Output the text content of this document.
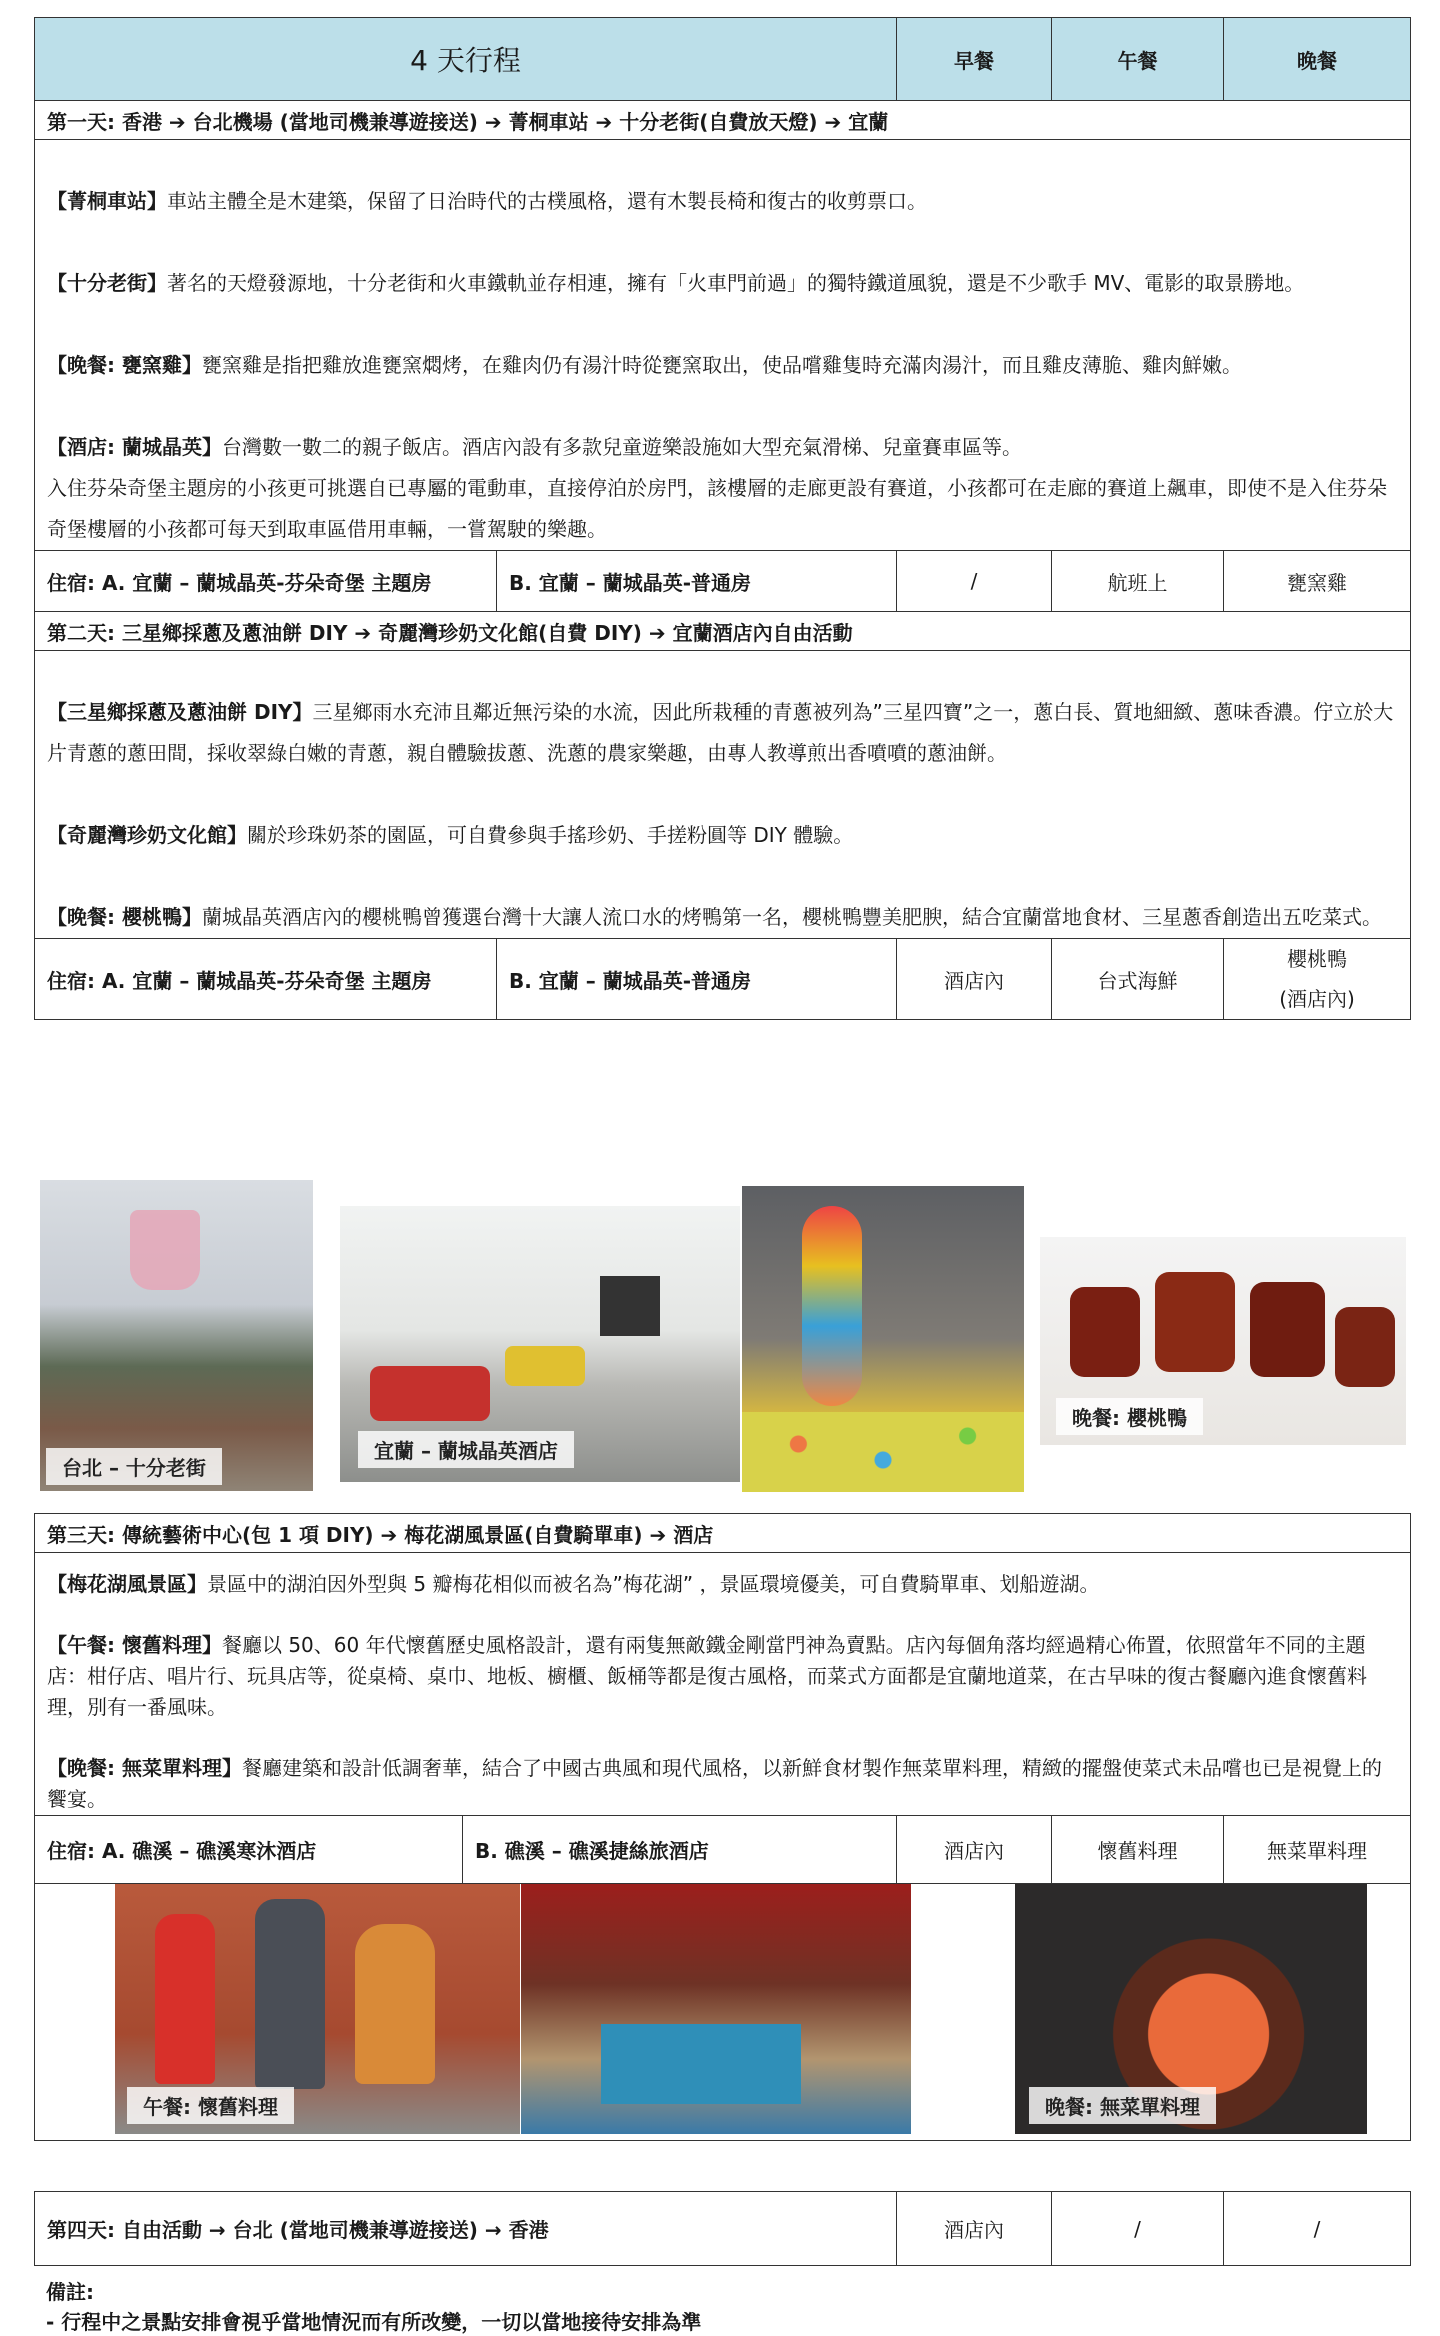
4 天行程		早餐	午餐	晚餐
第一天: 香港 ➔ 台北機場 (當地司機兼導遊接送) ➔ 菁桐車站 ➔ 十分老街(自費放天燈) ➔ 宜蘭				

【菁桐車站】車站主體全是木建築，保留了日治時代的古樸風格，還有木製長椅和復古的收剪票口。

【十分老街】著名的天燈發源地，十分老街和火車鐵軌並存相連，擁有「火車門前過」的獨特鐵道風貌，還是不少歌手 MV、電影的取景勝地。

【晚餐: 甕窯雞】甕窯雞是指把雞放進甕窯燜烤，在雞肉仍有湯汁時從甕窯取出，使品嚐雞隻時充滿肉湯汁，而且雞皮薄脆、雞肉鮮嫩。

【酒店: 蘭城晶英】台灣數一數二的親子飯店。酒店內設有多款兒童遊樂設施如大型充氣滑梯、兒童賽車區等。

入住芬朵奇堡主題房的小孩更可挑選自已專屬的電動車，直接停泊於房門，該樓層的走廊更設有賽道，小孩都可在走廊的賽道上飆車，即使不是入住芬朵奇堡樓層的小孩都可每天到取車區借用車輛，一嘗駕駛的樂趣。				

住宿: A. 宜蘭 – 蘭城晶英-芬朵奇堡 主題房	B. 宜蘭 – 蘭城晶英-普通房	/	航班上	甕窯雞
第二天: 三星鄉採蔥及蔥油餅 DIY ➔ 奇麗灣珍奶文化館(自費 DIY) ➔ 宜蘭酒店內自由活動				

【三星鄉採蔥及蔥油餅 DIY】三星鄉雨水充沛且鄰近無污染的水流，因此所栽種的青蔥被列為”三星四寶”之一，蔥白長、質地細緻、蔥味香濃。佇立於大片青蔥的蔥田間，採收翠綠白嫩的青蔥，親自體驗拔蔥、洗蔥的農家樂趣，由專人教導煎出香噴噴的蔥油餅。

【奇麗灣珍奶文化館】關於珍珠奶茶的園區，可自費參與手搖珍奶、手搓粉圓等 DIY 體驗。

【晚餐: 櫻桃鴨】蘭城晶英酒店內的櫻桃鴨曾獲選台灣十大讓人流口水的烤鴨第一名，櫻桃鴨豐美肥腴，結合宜蘭當地食材、三星蔥香創造出五吃菜式。				

住宿: A. 宜蘭 – 蘭城晶英-芬朵奇堡 主題房	B. 宜蘭 – 蘭城晶英-普通房	酒店內	台式海鮮	櫻桃鴨
(酒店內)
台北 – 十分老街
宜蘭 – 蘭城晶英酒店
晚餐: 櫻桃鴨
第三天: 傳統藝術中心(包 1 項 DIY) ➔ 梅花湖風景區(自費騎單車) ➔ 酒店

【梅花湖風景區】景區中的湖泊因外型與 5 瓣梅花相似而被名為”梅花湖” ，景區環境優美，可自費騎單車、划船遊湖。

【午餐: 懷舊料理】餐廳以 50、60 年代懷舊歷史風格設計，還有兩隻無敵鐵金剛當門神為賣點。店內每個角落均經過精心佈置，依照當年不同的主題店：柑仔店、唱片行、玩具店等，從桌椅、桌巾、地板、櫥櫃、飯桶等都是復古風格，而菜式方面都是宜蘭地道菜，在古早味的復古餐廳內進食懷舊料理，別有一番風味。

【晚餐: 無菜單料理】餐廳建築和設計低調奢華，結合了中國古典風和現代風格，以新鮮食材製作無菜單料理，精緻的擺盤使菜式未品嚐也已是視覺上的饗宴。

住宿: A. 礁溪 – 礁溪寒沐酒店	B. 礁溪 – 礁溪捷絲旅酒店	酒店內	懷舊料理	無菜單料理

午餐: 懷舊料理	晚餐: 無菜單料理
第四天: 自由活動 → 台北 (當地司機兼導遊接送) → 香港	酒店內	/	/
備註:
- 行程中之景點安排會視乎當地情況而有所改變，一切以當地接待安排為準
